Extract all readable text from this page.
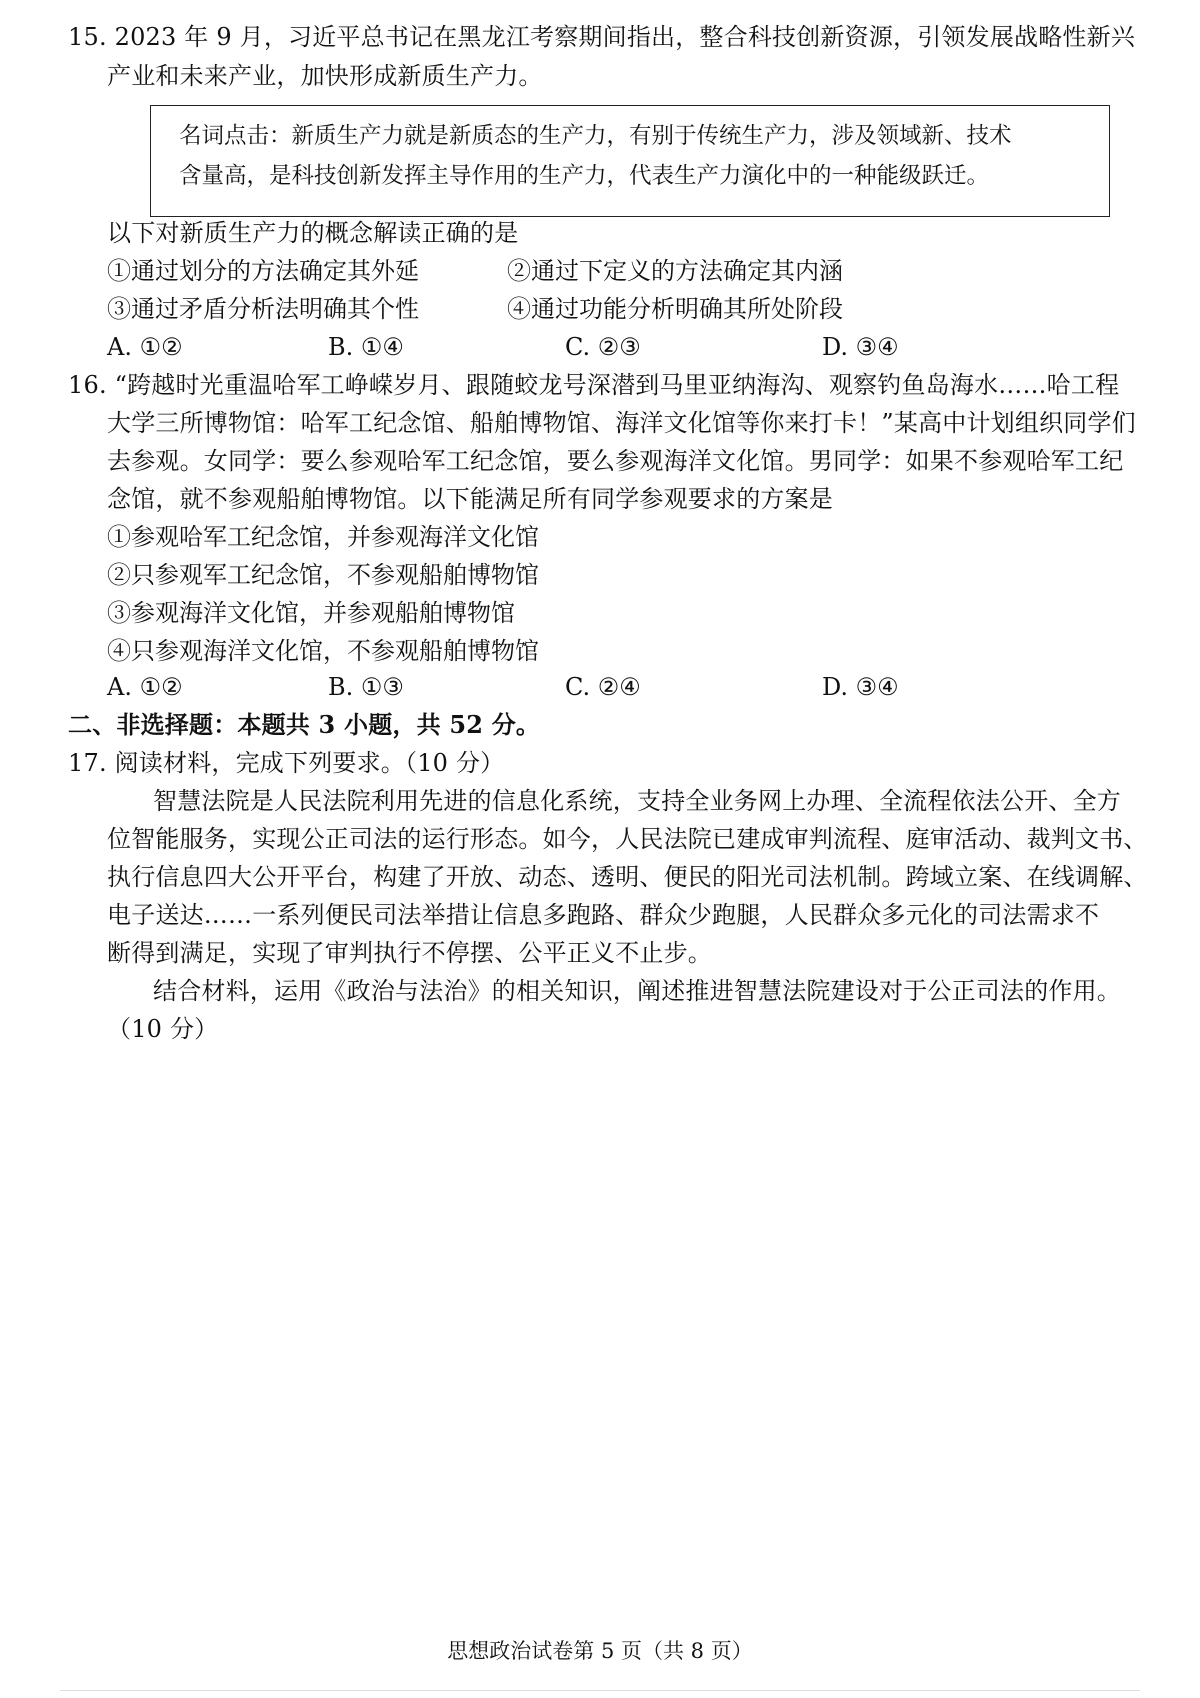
15. 2023 年 9 月，习近平总书记在黑龙江考察期间指出，整合科技创新资源，引领发展战略性新兴
产业和未来产业，加快形成新质生产力。
名词点击：新质生产力就是新质态的生产力，有别于传统生产力，涉及领域新、技术
含量高，是科技创新发挥主导作用的生产力，代表生产力演化中的一种能级跃迁。
以下对新质生产力的概念解读正确的是
①通过划分的方法确定其外延	②通过下定义的方法确定其内涵
③通过矛盾分析法明确其个性	④通过功能分析明确其所处阶段
A. ①②	B. ①④	C. ②③	D. ③④
16. “跨越时光重温哈军工峥嵘岁月、跟随蛟龙号深潜到马里亚纳海沟、观察钓鱼岛海水……哈工程
大学三所博物馆：哈军工纪念馆、船舶博物馆、海洋文化馆等你来打卡！”某高中计划组织同学们
去参观。女同学：要么参观哈军工纪念馆，要么参观海洋文化馆。男同学：如果不参观哈军工纪
念馆，就不参观船舶博物馆。以下能满足所有同学参观要求的方案是
①参观哈军工纪念馆，并参观海洋文化馆
②只参观军工纪念馆，不参观船舶博物馆
③参观海洋文化馆，并参观船舶博物馆
④只参观海洋文化馆，不参观船舶博物馆
A. ①②	B. ①③	C. ②④	D. ③④
二、非选择题：本题共 3 小题，共 52 分。
17. 阅读材料，完成下列要求。（10 分）
智慧法院是人民法院利用先进的信息化系统，支持全业务网上办理、全流程依法公开、全方
位智能服务，实现公正司法的运行形态。如今，人民法院已建成审判流程、庭审活动、裁判文书、
执行信息四大公开平台，构建了开放、动态、透明、便民的阳光司法机制。跨域立案、在线调解、
电子送达……一系列便民司法举措让信息多跑路、群众少跑腿，人民群众多元化的司法需求不
断得到满足，实现了审判执行不停摆、公平正义不止步。
结合材料，运用《政治与法治》的相关知识，阐述推进智慧法院建设对于公正司法的作用。
（10 分）
思想政治试卷第 5 页（共 8 页）
